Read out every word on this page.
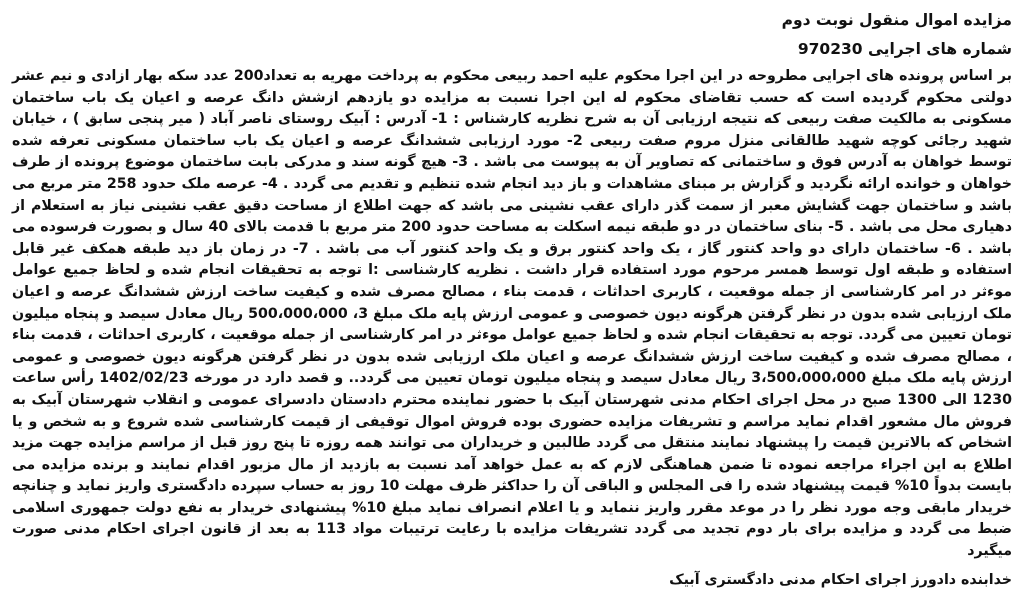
مزایده اموال منقول نوبت دوم

شماره های اجرایی 970230

بر اساس پرونده های اجرایی مطروحه در این اجرا محکوم علیه احمد ربیعی محکوم به پرداخت مهریه به تعداد200 عدد سکه بهار ازادی و نیم عشر دولتی محکوم گردیده است که حسب تقاضای محکوم له این اجرا نسبت به مزایده دو یازدهم ازشش دانگ عرصه و اعیان یک باب ساختمان مسکونی به مالکیت صفت ربیعی که نتیجه ارزیابی آن به شرح نظریه کارشناس : 1- آدرس : آبیک روستای ناصر آباد ( میر پنجی سابق ) ، خیابان شهید رجائی کوچه شهید طالقانی منزل مروم صفت ربیعی 2- مورد ارزیابی ششدانگ عرصه و اعیان یک باب ساختمان مسکونی تعرفه شده توسط خواهان به آدرس فوق و ساختمانی که تصاویر آن به پیوست می باشد . 3- هیچ گونه سند و مدرکی بابت ساختمان موضوع پرونده از طرف خواهان و خوانده ارائه نگردید و گزارش بر مبنای مشاهدات و باز دید انجام شده تنظیم و تقدیم می گردد . 4- عرصه ملک حدود 258 متر مربع می باشد و ساختمان جهت گشایش معبر از سمت گذر دارای عقب نشینی می باشد که جهت اطلاع از مساحت دقیق عقب نشینی نیاز به استعلام از دهیاری محل می باشد . 5- بنای ساختمان در دو طبقه نیمه اسکلت به مساحت حدود 200 متر مربع با قدمت بالای 40 سال و بصورت فرسوده می باشد . 6- ساختمان دارای دو واحد کنتور گاز ، یک واحد کنتور برق و یک واحد کنتور آب می باشد . 7- در زمان باز دید طبقه همکف غیر قابل استفاده و طبقه اول توسط همسر مرحوم مورد استفاده قرار داشت . نظریه کارشناسی :ا توجه به تحقیقات انجام شده و لحاظ جمیع عوامل موءثر در امر کارشناسی از جمله موقعیت ، کاربری احداثات ، قدمت بناء ، مصالح مصرف شده و کیفیت ساخت ارزش ششدانگ عرصه و اعیان ملک ارزیابی شده بدون در نظر گرفتن هرگونه دیون خصوصی و عمومی ارزش پایه ملک مبلغ 3، 500،000،000 ریال معادل سیصد و پنجاه میلیون تومان تعیین می گردد. توجه به تحقیقات انجام شده و لحاظ جمیع عوامل موءثر در امر کارشناسی از جمله موقعیت ، کاربری احداثات ، قدمت بناء ، مصالح مصرف شده و کیفیت ساخت ارزش ششدانگ عرصه و اعیان ملک ارزیابی شده بدون در نظر گرفتن هرگونه دیون خصوصی و عمومی ارزش پایه ملک مبلغ 3،500،000،000 ریال معادل سیصد و پنجاه میلیون تومان تعیین می گردد.. و قصد دارد در مورخه 1402/02/23 رأس ساعت 1230 الی 1300 صبح در محل اجرای احکام مدنی شهرستان آبیک با حضور نماینده محترم دادستان دادسرای عمومی و انقلاب شهرستان آبیک به فروش مال مشعور اقدام نماید مراسم و تشریفات مزایده حضوری بوده فروش اموال توقیفی از قیمت کارشناسی شده شروع و به شخص و یا اشخاص که بالاترین قیمت را پیشنهاد نمایند منتقل می گردد طالبین و خریداران می توانند همه روزه تا پنج روز قبل از مراسم مزایده جهت مزید اطلاع به این اجراء مراجعه نموده تا ضمن هماهنگی لازم که به عمل خواهد آمد نسبت به بازدید از مال مزبور اقدام نمایند و برنده مزایده می بایست بدواً 10% قیمت پیشنهاد شده را فی المجلس و الباقی آن را حداکثر ظرف مهلت 10 روز به حساب سپرده دادگستری واریز نماید و چنانچه خریدار مابقی وجه مورد نظر را در موعد مقرر واریز ننماید و یا اعلام انصراف نماید مبلغ 10% پیشنهادی خریدار به نفع دولت جمهوری اسلامی ضبط می گردد و مزایده برای بار دوم تجدید می گردد تشریفات مزایده با رعایت ترتیبات مواد 113 به بعد از قانون اجرای احکام مدنی صورت میگیرد

خدابنده دادورز اجرای احکام مدنی دادگستری آبیک
